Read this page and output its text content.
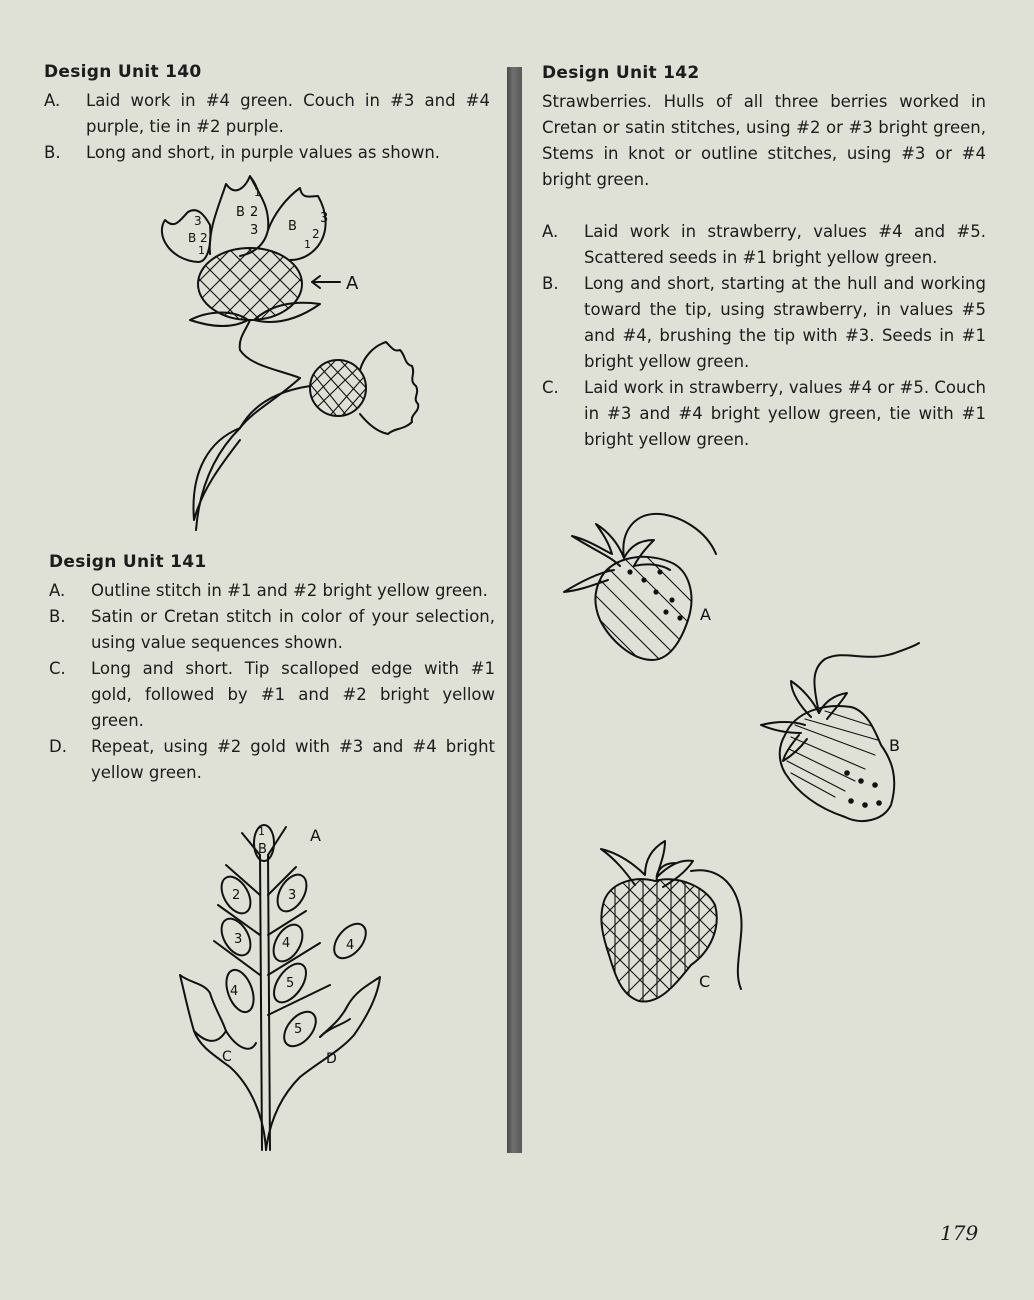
Design Unit 140
A.	Laid work in #4 green. Couch in #3 and #4 purple, tie in #2 purple.
B.	Long and short, in purple values as shown.
A
3
B 2
1
B 2
3
1
3
B 2
1
Design Unit 141
A.	Outline stitch in #1 and #2 bright yellow green.
B.	Satin or Cretan stitch in color of your selection, using value sequences shown.
C.	Long and short. Tip scalloped edge with #1 gold, followed by #1 and #2 bright yellow green.
D.	Repeat, using #2 gold with #3 and #4 bright yellow green.
1
B
A
2	3
3	4	4
4
5
5
C	D
Design Unit 142

Strawberries. Hulls of all three berries worked in Cretan or satin stitches, using #2 or #3 bright green, Stems in knot or outline stitches, using #3 or #4 bright green.

A.	Laid work in strawberry, values #4 and #5. Scattered seeds in #1 bright yellow green.
B.	Long and short, starting at the hull and working toward the tip, using strawberry, in values #5 and #4, brushing the tip with #3. Seeds in #1 bright yellow green.
C.	Laid work in strawberry, values #4 or #5. Couch in #3 and #4 bright yellow green, tie with #1 bright yellow green.
A
B
C
179
